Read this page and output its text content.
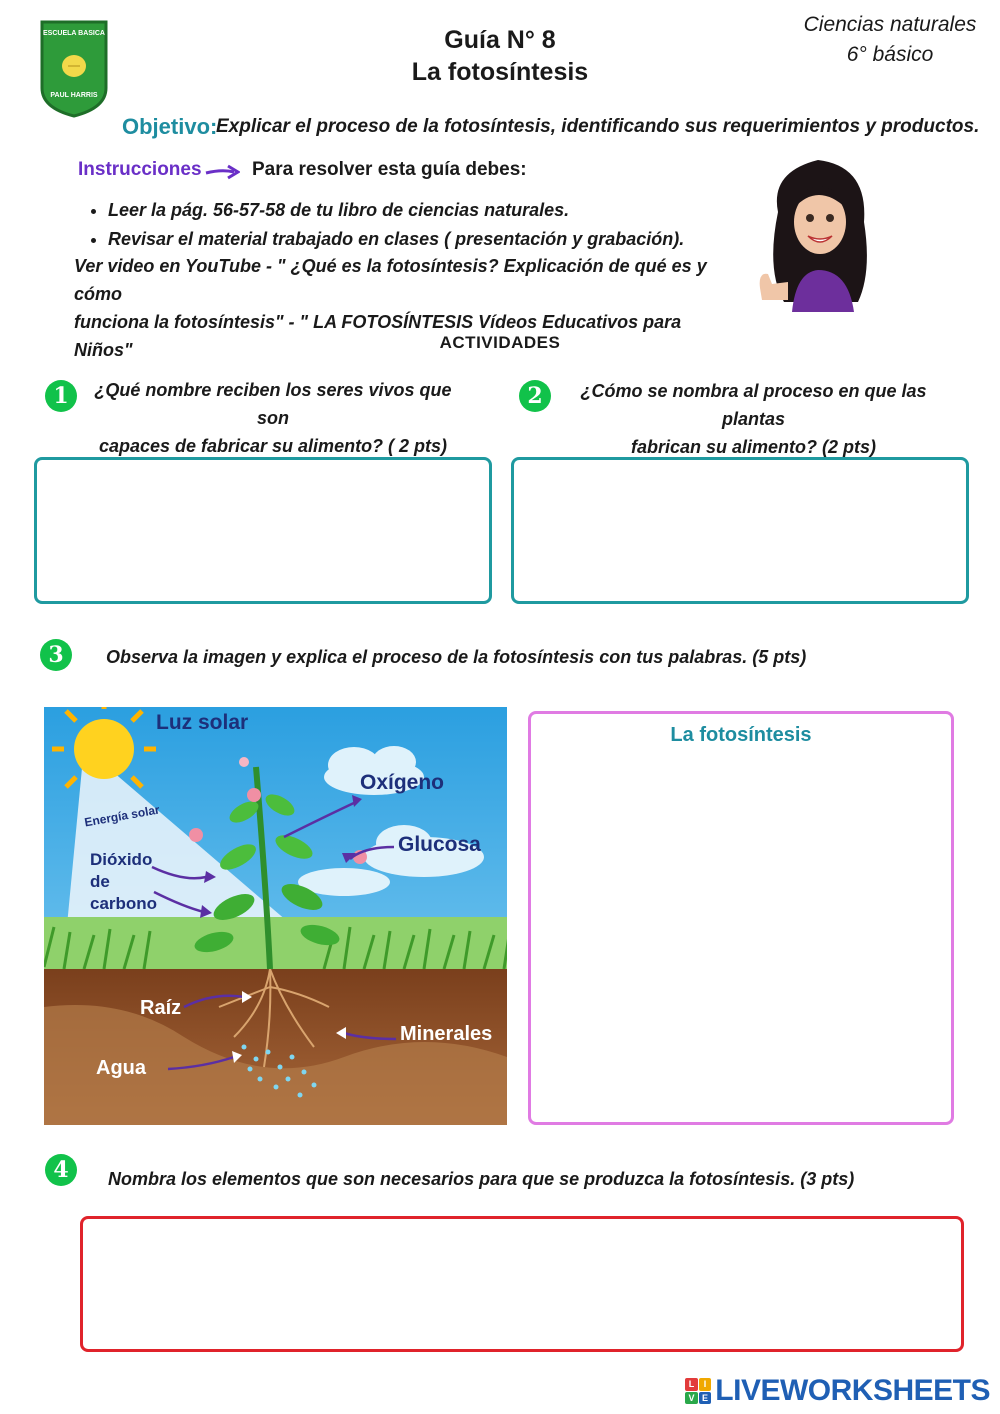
ESCUELA BASICA
PAUL HARRIS
Guía N° 8
La fotosíntesis
Ciencias naturales
6° básico
Objetivo:
Explicar el proceso de la fotosíntesis, identificando sus requerimientos y productos.
Instrucciones	Para resolver esta guía debes:
• Leer la pág. 56-57-58 de tu libro de ciencias naturales.
• Revisar el material trabajado en clases ( presentación y grabación).
Ver video en YouTube - " ¿Qué es la fotosíntesis? Explicación de qué es y cómo
funciona la fotosíntesis" - " LA FOTOSÍNTESIS Vídeos Educativos para Niños"	ACTIVIDADES
1	¿Qué nombre reciben los seres vivos que son
capaces de fabricar su alimento? ( 2 pts)
2	¿Cómo se nombra al proceso en que las plantas
fabrican su alimento? (2 pts)
3	Observa la imagen y explica el proceso de la fotosíntesis con tus palabras. (5 pts)
Luz solar
Energía solar
Dióxido
de
carbono
Oxígeno
Glucosa
Raíz
Minerales
Agua
La fotosíntesis
4	Nombra los elementos que son necesarios para que se produzca la fotosíntesis. (3 pts)
L	I
V E LIVEWORKSHEETS
